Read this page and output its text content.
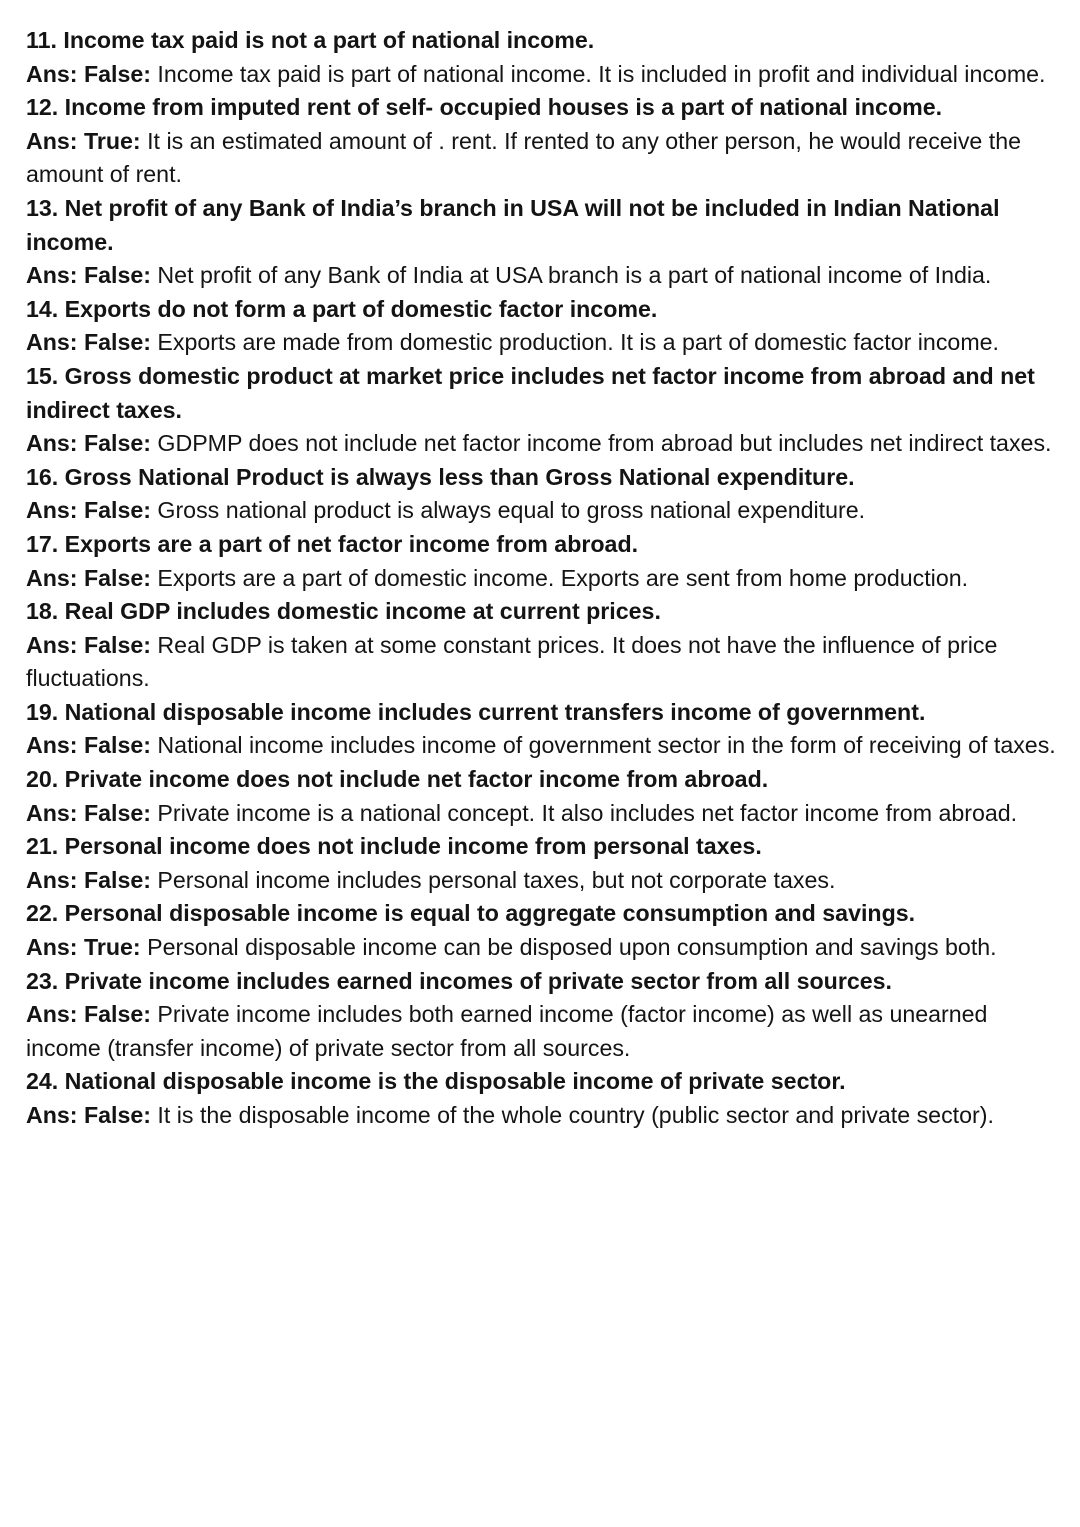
11. Income tax paid is not a part of national income.

Ans: False: Income tax paid is part of national income. It is included in profit and individual income.

12. Income from imputed rent of self- occupied houses is a part of national income.

Ans: True: It is an estimated amount of . rent. If rented to any other person, he would receive the amount of rent.

13. Net profit of any Bank of India’s branch in USA will not be included in Indian National income.

Ans: False: Net profit of any Bank of India at USA branch is a part of national income of India.

14. Exports do not form a part of domestic factor income.

Ans: False: Exports are made from domestic production. It is a part of domestic factor income.

15. Gross domestic product at market price includes net factor income from abroad and net indirect taxes.

Ans: False: GDPMP does not include net factor income from abroad but includes net indirect taxes.

16. Gross National Product is always less than Gross National expenditure.

Ans: False: Gross national product is always equal to gross national expenditure.

17. Exports are a part of net factor income from abroad.

Ans: False: Exports are a part of domestic income. Exports are sent from home production.

18. Real GDP includes domestic income at current prices.

Ans: False: Real GDP is taken at some constant prices. It does not have the influence of price fluctuations.

19. National disposable income includes current transfers income of government.

Ans: False: National income includes income of government sector in the form of receiving of taxes.

20. Private income does not include net factor income from abroad.

Ans: False: Private income is a national concept. It also includes net factor income from abroad.

21. Personal income does not include income from personal taxes.

Ans: False: Personal income includes personal taxes, but not corporate taxes.

22. Personal disposable income is equal to aggregate consumption and savings.

Ans: True: Personal disposable income can be disposed upon consumption and savings both.

23. Private income includes earned incomes of private sector from all sources.

Ans: False: Private income includes both earned income (factor income) as well as unearned income (transfer income) of private sector from all sources.

24. National disposable income is the disposable income of private sector.

Ans: False: It is the disposable income of the whole country (public sector and private sector).
